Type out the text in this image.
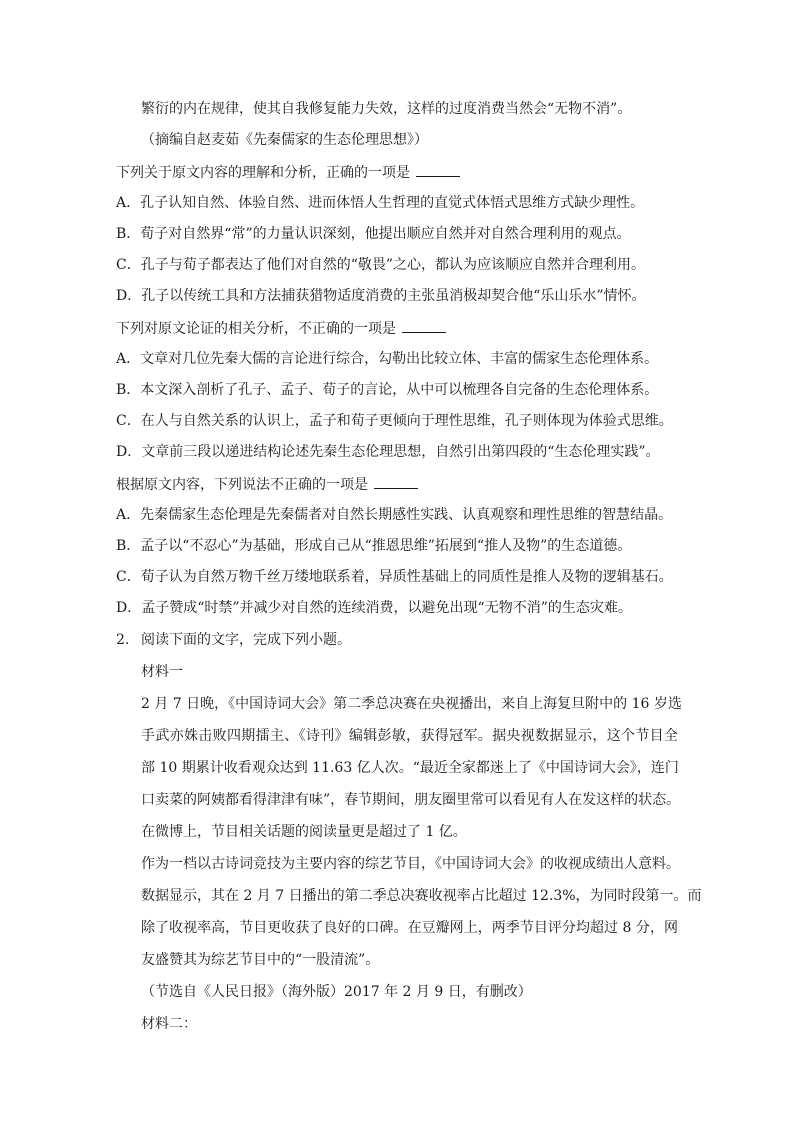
繁衍的内在规律，使其自我修复能力失效，这样的过度消费当然会“无物不消”。
（摘编自赵麦茹《先秦儒家的生态伦理思想》）
下列关于原文内容的理解和分析，正确的一项是
A．孔子认知自然、体验自然、进而体悟人生哲理的直觉式体悟式思维方式缺少理性。
B．荀子对自然界“常”的力量认识深刻，他提出顺应自然并对自然合理利用的观点。
C．孔子与荀子都表达了他们对自然的“敬畏”之心，都认为应该顺应自然并合理利用。
D．孔子以传统工具和方法捕获猎物适度消费的主张虽消极却契合他“乐山乐水”情怀。
下列对原文论证的相关分析，不正确的一项是
A．文章对几位先秦大儒的言论进行综合，勾勒出比较立体、丰富的儒家生态伦理体系。
B．本文深入剖析了孔子、孟子、荀子的言论，从中可以梳理各自完备的生态伦理体系。
C．在人与自然关系的认识上，孟子和荀子更倾向于理性思维，孔子则体现为体验式思维。
D．文章前三段以递进结构论述先秦生态伦理思想，自然引出第四段的“生态伦理实践”。
根据原文内容，下列说法不正确的一项是
A．先秦儒家生态伦理是先秦儒者对自然长期感性实践、认真观察和理性思维的智慧结晶。
B．孟子以“不忍心”为基础，形成自己从“推恩思维”拓展到“推人及物”的生态道德。
C．荀子认为自然万物千丝万缕地联系着，异质性基础上的同质性是推人及物的逻辑基石。
D．孟子赞成“时禁”并减少对自然的连续消费，以避免出现“无物不消”的生态灾难。
2. 阅读下面的文字，完成下列小题。
材料一
2 月 7 日晚，《中国诗词大会》第二季总决赛在央视播出，来自上海复旦附中的 16 岁选
手武亦姝击败四期擂主、《诗刊》编辑彭敏，获得冠军。据央视数据显示，这个节目全
部 10 期累计收看观众达到 11.63 亿人次。“最近全家都迷上了《中国诗词大会》，连门
口卖菜的阿姨都看得津津有味”，春节期间，朋友圈里常可以看见有人在发这样的状态。
在微博上，节目相关话题的阅读量更是超过了 1 亿。
作为一档以古诗词竞技为主要内容的综艺节目，《中国诗词大会》的收视成绩出人意料。
数据显示，其在 2 月 7 日播出的第二季总决赛收视率占比超过 12.3%，为同时段第一。而
除了收视率高，节目更收获了良好的口碑。在豆瓣网上，两季节目评分均超过 8 分，网
友盛赞其为综艺节目中的“一股清流”。
（节选自《人民日报》（海外版）2017 年 2 月 9 日，有删改）
材料二：
